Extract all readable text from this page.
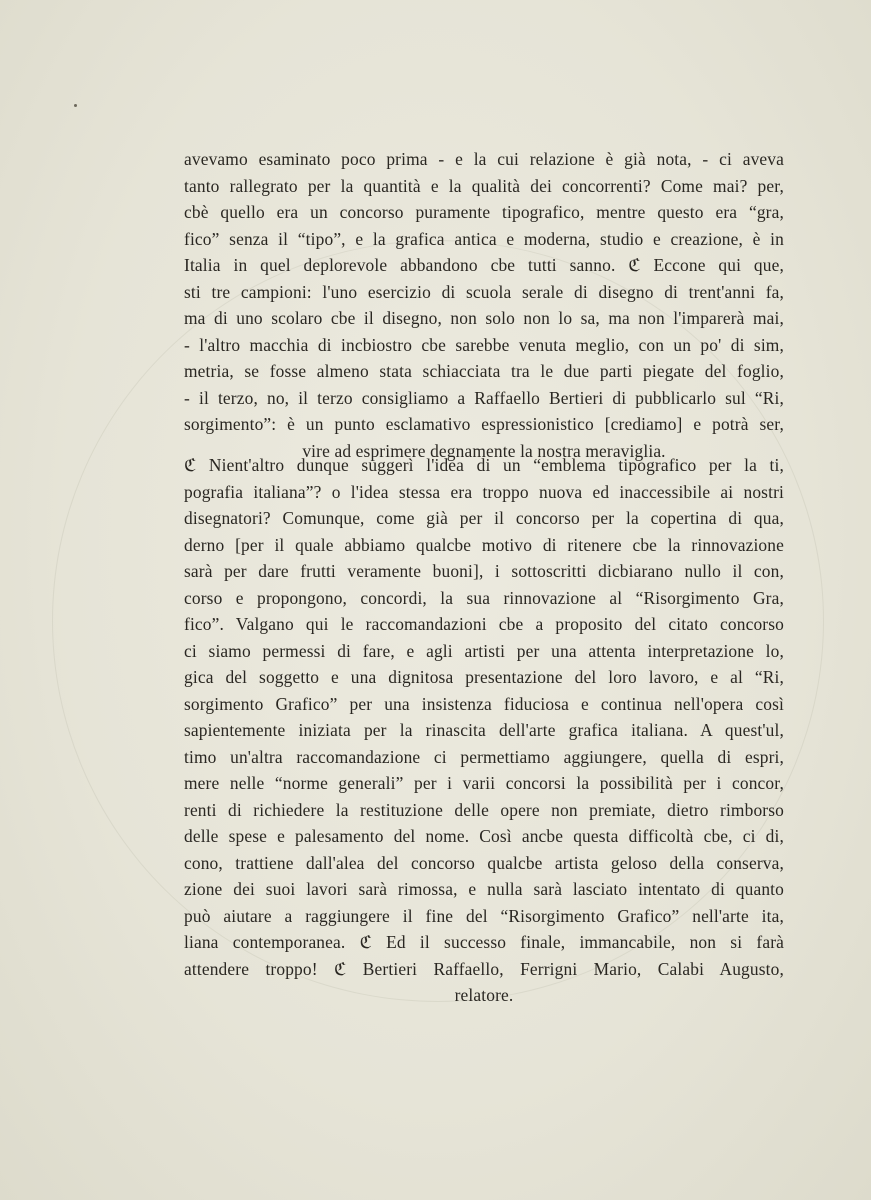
avevamo esaminato poco prima - e la cui relazione è già nota, - ci aveva
tanto rallegrato per la quantità e la qualità dei concorrenti? Come mai? per,
cbè quello era un concorso puramente tipografico, mentre questo era “gra,
fico” senza il “tipo”, e la grafica antica e moderna, studio e creazione, è in
Italia in quel deplorevole abbandono cbe tutti sanno. ℭ Eccone qui que,
sti tre campioni: l'uno esercizio di scuola serale di disegno di trent'anni fa,
ma di uno scolaro cbe il disegno, non solo non lo sa, ma non l'imparerà mai,
- l'altro macchia di incbiostro cbe sarebbe venuta meglio, con un po' di sim,
metria, se fosse almeno stata schiacciata tra le due parti piegate del foglio,
- il terzo, no, il terzo consigliamo a Raffaello Bertieri di pubblicarlo sul “Ri,
sorgimento”: è un punto esclamativo espressionistico [crediamo] e potrà ser,
vire ad esprimere degnamente la nostra meraviglia.
ℭ Nient'altro dunque suggerì l'idea di un “emblema tipografico per la ti,
pografia italiana”? o l'idea stessa era troppo nuova ed inaccessibile ai nostri
disegnatori? Comunque, come già per il concorso per la copertina di qua,
derno [per il quale abbiamo qualcbe motivo di ritenere cbe la rinnovazione
sarà per dare frutti veramente buoni], i sottoscritti dicbiarano nullo il con,
corso e propongono, concordi, la sua rinnovazione al “Risorgimento Gra,
fico”. Valgano qui le raccomandazioni cbe a proposito del citato concorso
ci siamo permessi di fare, e agli artisti per una attenta interpretazione lo,
gica del soggetto e una dignitosa presentazione del loro lavoro, e al “Ri,
sorgimento Grafico” per una insistenza fiduciosa e continua nell'opera così
sapientemente iniziata per la rinascita dell'arte grafica italiana. A quest'ul,
timo un'altra raccomandazione ci permettiamo aggiungere, quella di espri,
mere nelle “norme generali” per i varii concorsi la possibilità per i concor,
renti di richiedere la restituzione delle opere non premiate, dietro rimborso
delle spese e palesamento del nome. Così ancbe questa difficoltà cbe, ci di,
cono, trattiene dall'alea del concorso qualcbe artista geloso della conserva,
zione dei suoi lavori sarà rimossa, e nulla sarà lasciato intentato di quanto
può aiutare a raggiungere il fine del “Risorgimento Grafico” nell'arte ita,
liana contemporanea. ℭ Ed il successo finale, immancabile, non si farà
attendere troppo! ℭ Bertieri Raffaello, Ferrigni Mario, Calabi Augusto,
relatore.
